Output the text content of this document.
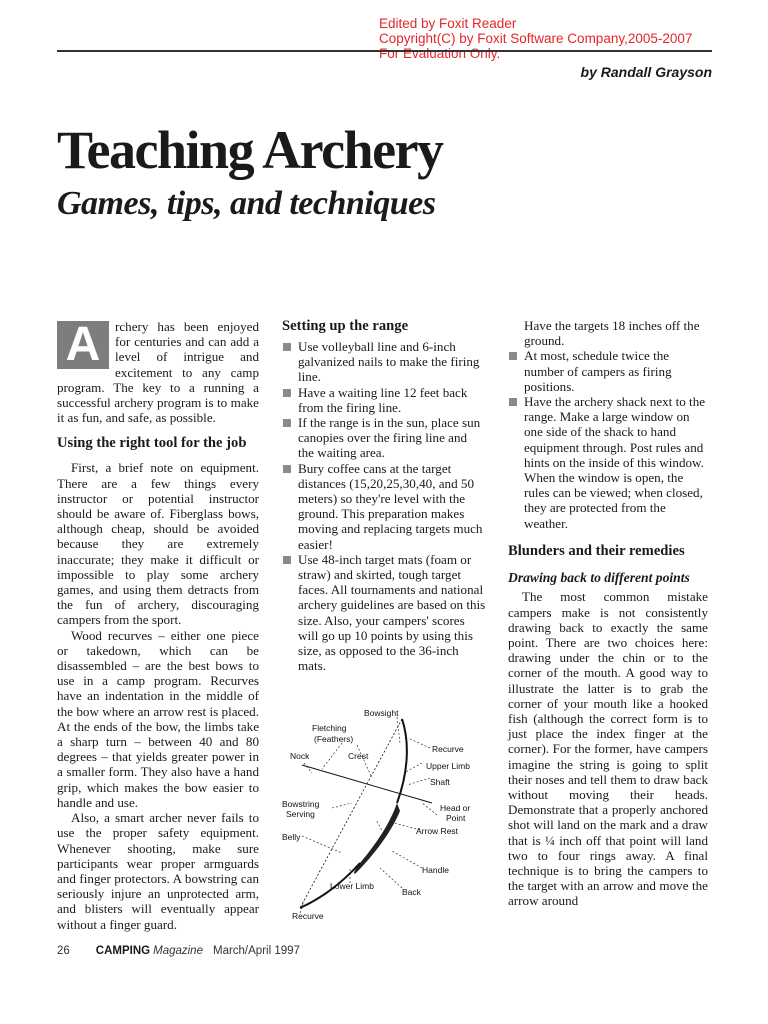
Edited by Foxit Reader
Copyright(C) by Foxit Software Company,2005-2007
For Evaluation Only.
by Randall Grayson
Teaching Archery
Games, tips, and techniques

A	rchery has been enjoyed for centuries and can add a level of intrigue and excitement to any camp program. The key to a running a successful archery program is to make it as fun, and safe, as possible.

Using the right tool for the job

First, a brief note on equipment. There are a few things every instructor or potential instructor should be aware of. Fiberglass bows, although cheap, should be avoided because they are extremely inaccurate; they make it difficult or impossible to play some archery games, and using them detracts from the fun of archery, discouraging campers from the sport.

Wood recurves – either one piece or takedown, which can be disassembled – are the best bows to use in a camp program. Recurves have an indentation in the middle of the bow where an arrow rest is placed. At the ends of the bow, the limbs take a sharp turn – between 40 and 80 degrees – that yields greater power in a smaller form. They also have a hand grip, which makes the bow easier to handle and use.

Also, a smart archer never fails to use the proper safety equipment. Whenever shooting, make sure participants wear proper armguards and finger protectors. A bowstring can seriously injure an unprotected arm, and blisters will eventually appear without a finger guard.

Setting up the range
Use volleyball line and 6-inch galvanized nails to make the firing line.
Have a waiting line 12 feet back from the firing line.
If the range is in the sun, place sun canopies over the firing line and the waiting area.
Bury coffee cans at the target distances (15,20,25,30,40, and 50 meters) so they're level with the ground. This preparation makes moving and replacing targets much easier!
Use 48-inch target mats (foam or straw) and skirted, tough target faces. All tournaments and national archery guidelines are based on this size. Also, your campers' scores will go up 10 points by using this size, as opposed to the 36-inch mats.
Bowsight
Fletching
(Feathers)
Nock	Crest
Recurve
Upper Limb
Shaft
Bowstring
Serving
Head or
Point
Belly
Arrow Rest
Handle
Lower Limb
Back
Recurve

Have the targets 18 inches off the ground.

At most, schedule twice the number of campers as firing positions.
Have the archery shack next to the range. Make a large window on one side of the shack to hand equipment through. Post rules and hints on the inside of this window. When the window is open, the rules can be viewed; when closed, they are protected from the weather.
Blunders and their remedies
Drawing back to different points

The most common mistake campers make is not consistently drawing back to exactly the same point. There are two choices here: drawing under the chin or to the corner of the mouth. A good way to illustrate the latter is to grab the corner of your mouth like a hooked fish (although the correct form is to just place the index finger at the corner). For the former, have campers imagine the string is going to split their noses and tell them to draw back without moving their heads. Demonstrate that a properly anchored shot will land on the mark and a draw that is ¼ inch off that point will land two to four rings away. A final technique is to bring the campers to the target with an arrow and move the arrow around

26 CAMPING Magazine March/April 1997
